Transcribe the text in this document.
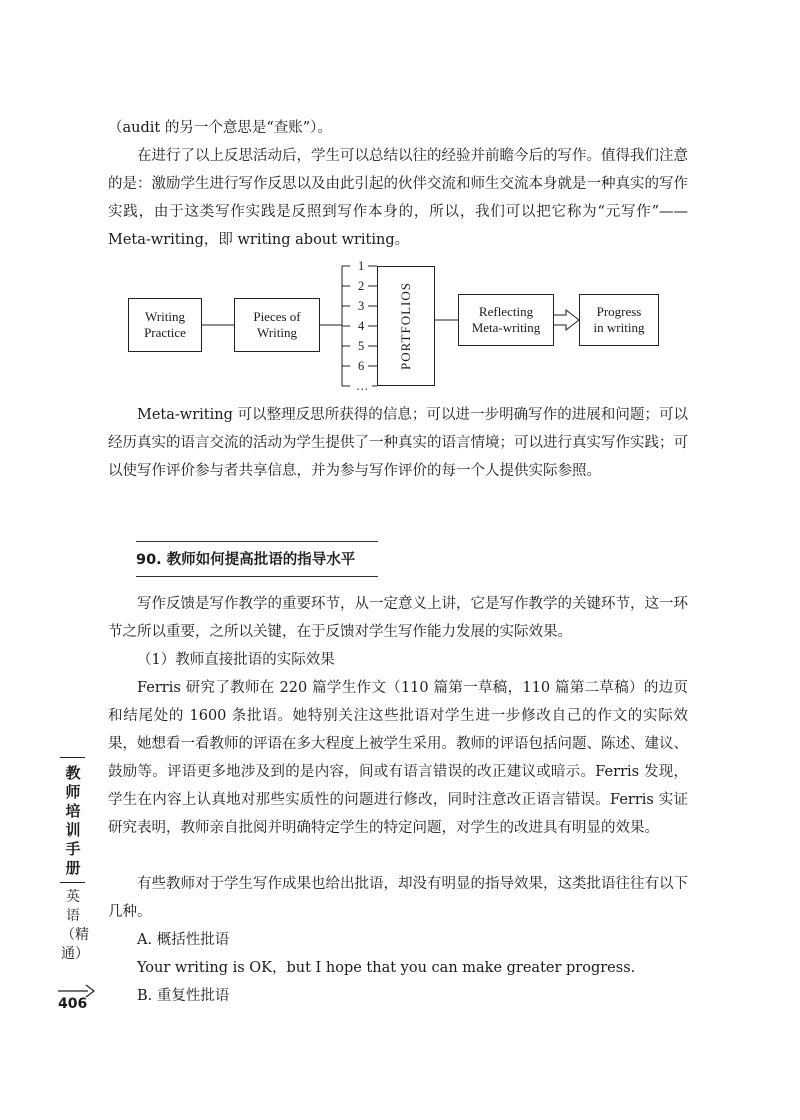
（audit 的另一个意思是“查账”）。

在进行了以上反思活动后，学生可以总结以往的经验并前瞻今后的写作。值得我们注意的是：激励学生进行写作反思以及由此引起的伙伴交流和师生交流本身就是一种真实的写作实践，由于这类写作实践是反照到写作本身的，所以，我们可以把它称为“元写作”—— Meta-writing，即 writing about writing。

Writing
Practice
Pieces of
Writing	PORTFOLIOS	Reflecting
Meta-writing
Progress
in writing
1
2
3
4
5
6
…

Meta-writing 可以整理反思所获得的信息；可以进一步明确写作的进展和问题；可以经历真实的语言交流的活动为学生提供了一种真实的语言情境；可以进行真实写作实践；可以使写作评价参与者共享信息，并为参与写作评价的每一个人提供实际参照。

90. 教师如何提高批语的指导水平

写作反馈是写作教学的重要环节，从一定意义上讲，它是写作教学的关键环节，这一环节之所以重要，之所以关键，在于反馈对学生写作能力发展的实际效果。

（1）教师直接批语的实际效果

Ferris 研究了教师在 220 篇学生作文（110 篇第一草稿，110 篇第二草稿）的边页和结尾处的 1600 条批语。她特别关注这些批语对学生进一步修改自己的作文的实际效果，她想看一看教师的评语在多大程度上被学生采用。教师的评语包括问题、陈述、建议、鼓励等。评语更多地涉及到的是内容，间或有语言错误的改正建议或暗示。Ferris 发现，学生在内容上认真地对那些实质性的问题进行修改，同时注意改正语言错误。Ferris 实证研究表明，教师亲自批阅并明确特定学生的特定问题，对学生的改进具有明显的效果。

有些教师对于学生写作成果也给出批语，却没有明显的指导效果，这类批语往往有以下几种。

A. 概括性批语

Your writing is OK，but I hope that you can make greater progress.

B. 重复性批语

教师培训手册
英语（精通）
406
